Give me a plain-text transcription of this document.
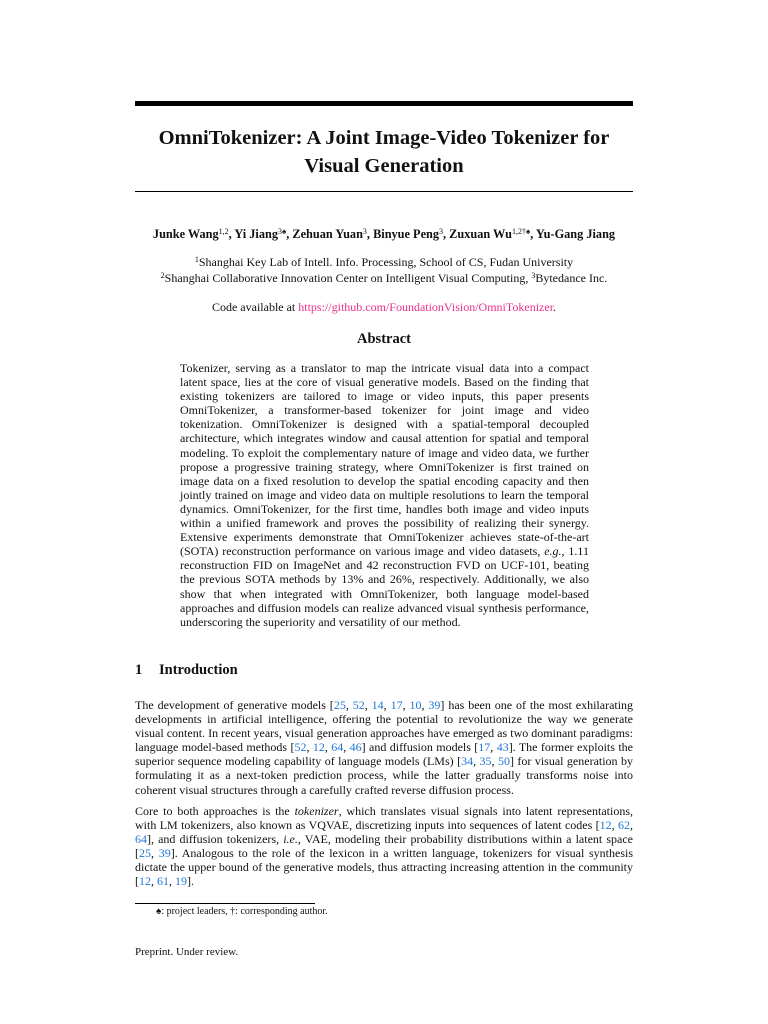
OmniTokenizer: A Joint Image-Video Tokenizer for
Visual Generation
Junke Wang$^{1,2}$, Yi Jiang$^{3♠}$, Zehuan Yuan$^3$, Binyue Peng$^3$, Zuxuan $Wu^{1,2\dagger♠}$, Yu-Gang Jiang
$^1$Shanghai Key Lab of Intell. Info. Processing, School of CS, Fudan University
$^2$Shanghai Collaborative Innovation Center on Intelligent Visual Computing, $^3$Bytedance Inc.
Code available at https://github.com/FoundationVision/OmniTokenizer.
Abstract
Tokenizer, serving as a translator to map the intricate visual data into a compact latent space, lies at the core of visual generative models. Based on the finding that existing tokenizers are tailored to image or video inputs, this paper presents OmniTokenizer, a transformer-based tokenizer for joint image and video tokenization. OmniTokenizer is designed with a spatial-temporal decoupled architecture, which integrates window and causal attention for spatial and temporal modeling. To exploit the complementary nature of image and video data, we further propose a progressive training strategy, where OmniTokenizer is first trained on image data on a fixed resolution to develop the spatial encoding capacity and then jointly trained on image and video data on multiple resolutions to learn the temporal dynamics. OmniTokenizer, for the first time, handles both image and video inputs within a unified framework and proves the possibility of realizing their synergy. Extensive experiments demonstrate that OmniTokenizer achieves state-of-the-art (SOTA) reconstruction performance on various image and video datasets, e.g., 1.11 reconstruction FID on ImageNet and 42 reconstruction FVD on UCF-101, beating the previous SOTA methods by 13% and 26%, respectively. Additionally, we also show that when integrated with OmniTokenizer, both language model-based approaches and diffusion models can realize advanced visual synthesis performance, underscoring the superiority and versatility of our method.
1 Introduction
The development of generative models [25, 52, 14, 17, 10, 39] has been one of the most exhilarating developments in artificial intelligence, offering the potential to revolutionize the way we generate visual content. In recent years, visual generation approaches have emerged as two dominant paradigms: language model-based methods [52, 12, 64, 46] and diffusion models [17, 43]. The former exploits the superior sequence modeling capability of language models (LMs) [34, 35, 50] for visual generation by formulating it as a next-token prediction process, while the latter gradually transforms noise into coherent visual structures through a carefully crafted reverse diffusion process.
Core to both approaches is the tokenizer, which translates visual signals into latent representations, with LM tokenizers, also known as VQVAE, discretizing inputs into sequences of latent codes [12, 62, 64], and diffusion tokenizers, i.e., VAE, modeling their probability distributions within a latent space [25, 39]. Analogous to the role of the lexicon in a written language, tokenizers for visual synthesis dictate the upper bound of the generative models, thus attracting increasing attention in the community [12, 61, 19].
♠: project leaders, †: corresponding author.
Preprint. Under review.
